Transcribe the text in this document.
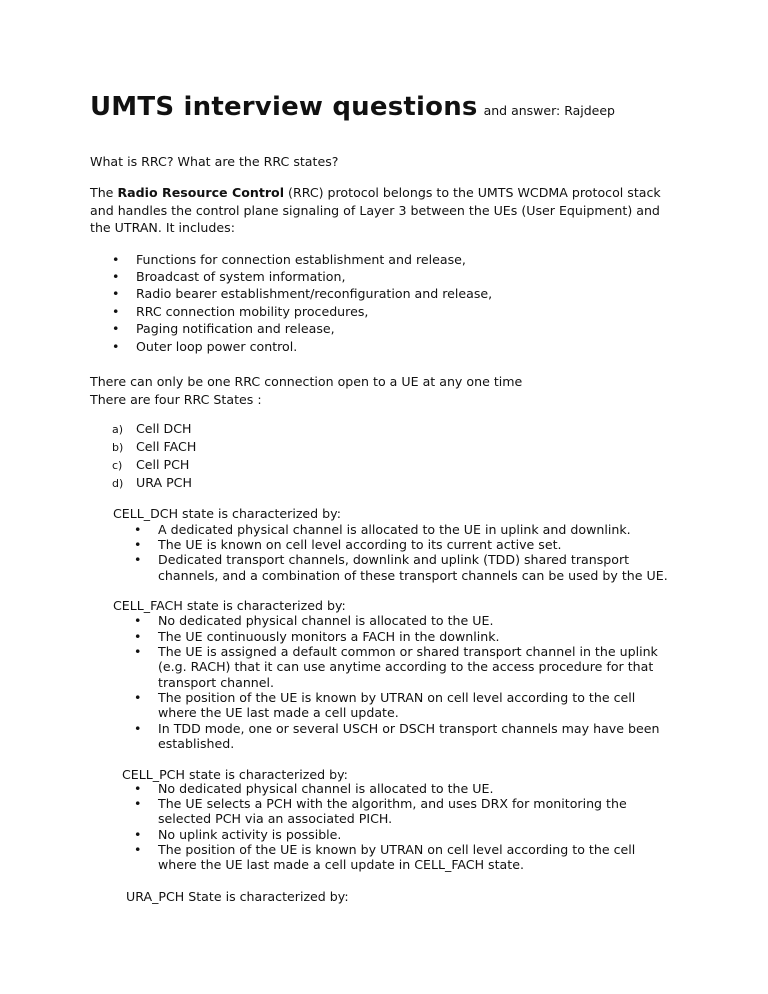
UMTS interview questions and answer: Rajdeep
What is RRC? What are the RRC states?
The Radio Resource Control (RRC) protocol belongs to the UMTS WCDMA protocol stack
and handles the control plane signaling of Layer 3 between the UEs (User Equipment) and
the UTRAN. It includes:
• Functions for connection establishment and release,
• Broadcast of system information,
• Radio bearer establishment/reconfiguration and release,
• RRC connection mobility procedures,
• Paging notification and release,
• Outer loop power control.
There can only be one RRC connection open to a UE at any one time
There are four RRC States :
a) Cell DCH
b) Cell FACH
c) Cell PCH
d) URA PCH
CELL_DCH state is characterized by:
• A dedicated physical channel is allocated to the UE in uplink and downlink.
• The UE is known on cell level according to its current active set.
• Dedicated transport channels, downlink and uplink (TDD) shared transport
channels, and a combination of these transport channels can be used by the UE.
CELL_FACH state is characterized by:
• No dedicated physical channel is allocated to the UE.
• The UE continuously monitors a FACH in the downlink.
• The UE is assigned a default common or shared transport channel in the uplink
(e.g. RACH) that it can use anytime according to the access procedure for that
transport channel.
• The position of the UE is known by UTRAN on cell level according to the cell
where the UE last made a cell update.
• In TDD mode, one or several USCH or DSCH transport channels may have been
established.
CELL_PCH state is characterized by:
• No dedicated physical channel is allocated to the UE.
• The UE selects a PCH with the algorithm, and uses DRX for monitoring the
selected PCH via an associated PICH.
• No uplink activity is possible.
• The position of the UE is known by UTRAN on cell level according to the cell
where the UE last made a cell update in CELL_FACH state.
URA_PCH State is characterized by:
